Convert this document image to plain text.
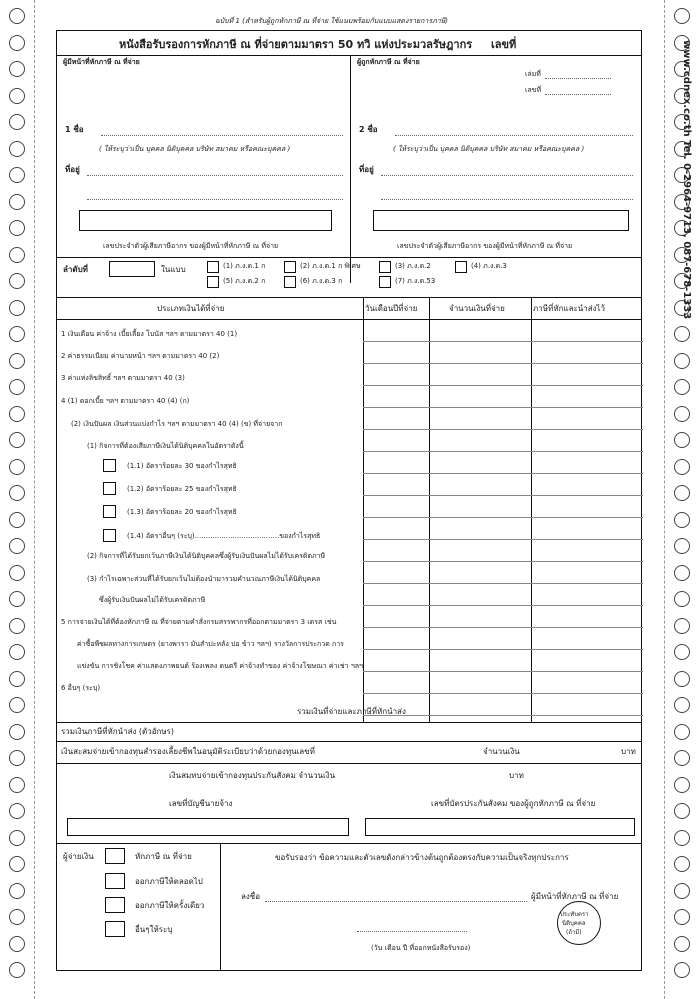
www.cdnex.co.th Tel. 0-2964-9713, 087-678-1333
ฉบับที่ 1 (สำหรับผู้ถูกหักภาษี ณ ที่จ่าย ใช้แนบพร้อมกับแบบแสดงรายการภาษี)
หนังสือรับรองการหักภาษี ณ ที่จ่ายตามมาตรา 50 ทวิ แห่งประมวลรัษฎากร เลขที่
ผู้มีหน้าที่หักภาษี ณ ที่จ่าย
1 ชื่อ
( ให้ระบุว่าเป็น บุคคล นิติบุคคล บริษัท สมาคม หรือคณะบุคคล )
ที่อยู่
เลขประจำตัวผู้เสียภาษีอากร ของผู้มีหน้าที่หักภาษี ณ ที่จ่าย
ผู้ถูกหักภาษี ณ ที่จ่าย
เล่มที่
เลขที่
2 ชื่อ
( ให้ระบุว่าเป็น บุคคล นิติบุคคล บริษัท สมาคม หรือคณะบุคคล )
ที่อยู่
เลขประจำตัวผู้เสียภาษีอากร ของผู้มีหน้าที่หักภาษี ณ ที่จ่าย
ลำดับที่	ในแบบ	(1) ภ.ง.ด.1 ก	(2) ภ.ง.ด.1 ก พิเศษ	(3) ภ.ง.ด.2	(4) ภ.ง.ด.3
(5) ภ.ง.ด.2 ก	(6) ภ.ง.ด.3 ก	(7) ภ.ง.ด.53
ประเภทเงินได้ที่จ่าย	วันเดือนปีที่จ่าย	จำนวนเงินที่จ่าย	ภาษีที่หักและนำส่งไว้
1 เงินเดือน ค่าจ้าง เบี้ยเลี้ยง โบนัส ฯลฯ ตามมาตรา 40 (1)
2 ค่าธรรมเนียม ค่านายหน้า ฯลฯ ตามมาตรา 40 (2)
3 ค่าแห่งลิขสิทธิ์ ฯลฯ ตามมาตรา 40 (3)
4 (1) ดอกเบี้ย ฯลฯ ตามมาตรา 40 (4) (ก)
(2) เงินปันผล เงินส่วนแบ่งกำไร ฯลฯ ตามมาตรา 40 (4) (ข) ที่จ่ายจาก
(1) กิจการที่ต้องเสียภาษีเงินได้นิติบุคคลในอัตราดังนี้
(1.1) อัตราร้อยละ 30 ของกำไรสุทธิ
(1.2) อัตราร้อยละ 25 ของกำไรสุทธิ
(1.3) อัตราร้อยละ 20 ของกำไรสุทธิ
(1.4) อัตราอื่นๆ (ระบุ)......................................ของกำไรสุทธิ
(2) กิจการที่ได้รับยกเว้นภาษีเงินได้นิติบุคคลซึ่งผู้รับเงินปันผลไม่ได้รับเครดิตภาษี
(3) กำไรเฉพาะส่วนที่ได้รับยกเว้นไม่ต้องนำมารวมคำนวณภาษีเงินได้นิติบุคคล
ซึ่งผู้รับเงินปันผลไม่ได้รับเครดิตภาษี
5 การจ่ายเงินได้ที่ต้องหักภาษี ณ ที่จ่ายตามคำสั่งกรมสรรพากรที่ออกตามมาตรา 3 เตรส เช่น
ค่าซื้อพืชผลทางการเกษตร (ยางพารา มันสำปะหลัง ปอ ข้าว ฯลฯ) รางวัลการประกวด การ
แข่งขัน การชิงโชค ค่าแสดงภาพยนต์ ร้องเพลง ดนตรี ค่าจ้างทำของ ค่าจ้างโฆษณา ค่าเช่า ฯลฯ
6 อื่นๆ (ระบุ)
รวมเงินที่จ่ายและภาษีที่หักนำส่ง
รวมเงินภาษีที่หักนำส่ง (ตัวอักษร)
เงินสะสมจ่ายเข้ากองทุนสำรองเลี้ยงชีพในอนุมัติระเบียบว่าด้วยกองทุนเลขที่	จำนวนเงิน	บาท
เงินสมทบจ่ายเข้ากองทุนประกันสังคม จำนวนเงิน	บาท
เลขที่บัญชีนายจ้าง	เลขที่บัตรประกันสังคม ของผู้ถูกหักภาษี ณ ที่จ่าย
ผู้จ่ายเงิน	หักภาษี ณ ที่จ่าย
ออกภาษีให้ตลอดไป
ออกภาษีให้ครั้งเดียว
อื่นๆให้ระบุ
ขอรับรองว่า ข้อความและตัวเลขดังกล่าวข้างต้นถูกต้องตรงกับความเป็นจริงทุกประการ
ลงชื่อ	ผู้มีหน้าที่หักภาษี ณ ที่จ่าย
(วัน เดือน ปี ที่ออกหนังสือรับรอง)
ประทับตรา
นิติบุคคล
(ถ้ามี)
